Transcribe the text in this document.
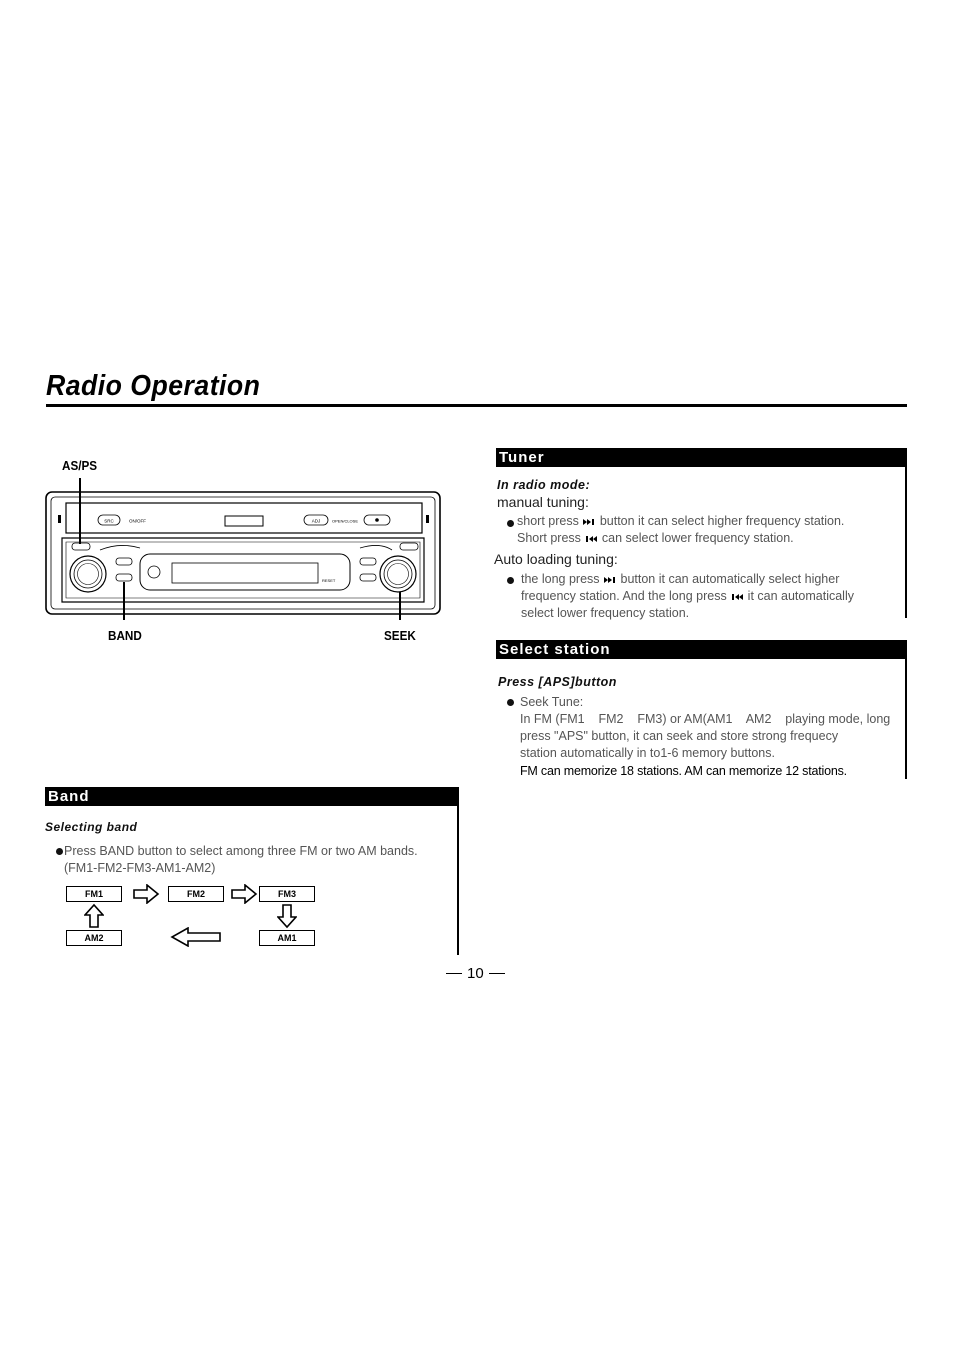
Radio Operation
AS/PS
BAND	SEEK
SRC	ON/OFF	ADJ	OPEN/CLOSE
RESET
Tuner
In radio mode:
manual tuning:
short press button it can select higher frequency station.
Short press can select lower frequency station.
Auto loading tuning:
the long press button it can automatically select higher
frequency station. And the long press it can automatically
select lower frequency station.
Select station
Press [APS]button
Seek Tune:
In FM (FM1    FM2    FM3) or AM(AM1    AM2    playing mode, long
press "APS" button, it can seek and store strong frequecy
station automatically in to1-6 memory buttons.
FM can memorize 18 stations. AM can memorize 12 stations.
Band
Selecting band
Press BAND button to select among three FM or two AM bands.
(FM1-FM2-FM3-AM1-AM2)
FM1	FM2	FM3
AM2	AM1
10
